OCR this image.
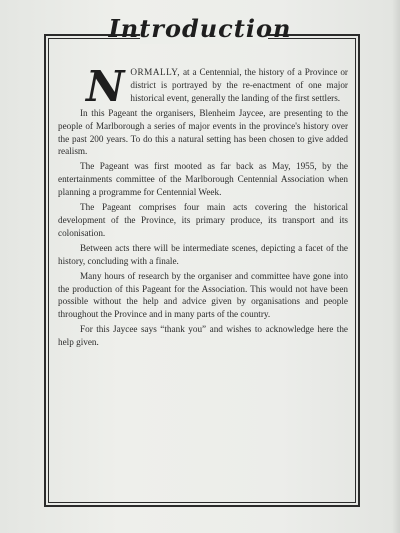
Introduction

NORMALLY, at a Centennial, the history of a Province or district is portrayed by the re-enactment of one major historical event, generally the landing of the first settlers.

In this Pageant the organisers, Blenheim Jaycee, are presenting to the people of Marlborough a series of major events in the province's history over the past 200 years. To do this a natural setting has been chosen to give added realism.

The Pageant was first mooted as far back as May, 1955, by the entertainments committee of the Marlborough Centennial Association when planning a programme for Centennial Week.

The Pageant comprises four main acts covering the historical development of the Province, its primary produce, its transport and its colonisation.

Between acts there will be intermediate scenes, depicting a facet of the history, concluding with a finale.

Many hours of research by the organiser and committee have gone into the production of this Pageant for the Association. This would not have been possible without the help and advice given by organisations and people throughout the Province and in many parts of the country.

For this Jaycee says “thank you” and wishes to acknowledge here the help given.
